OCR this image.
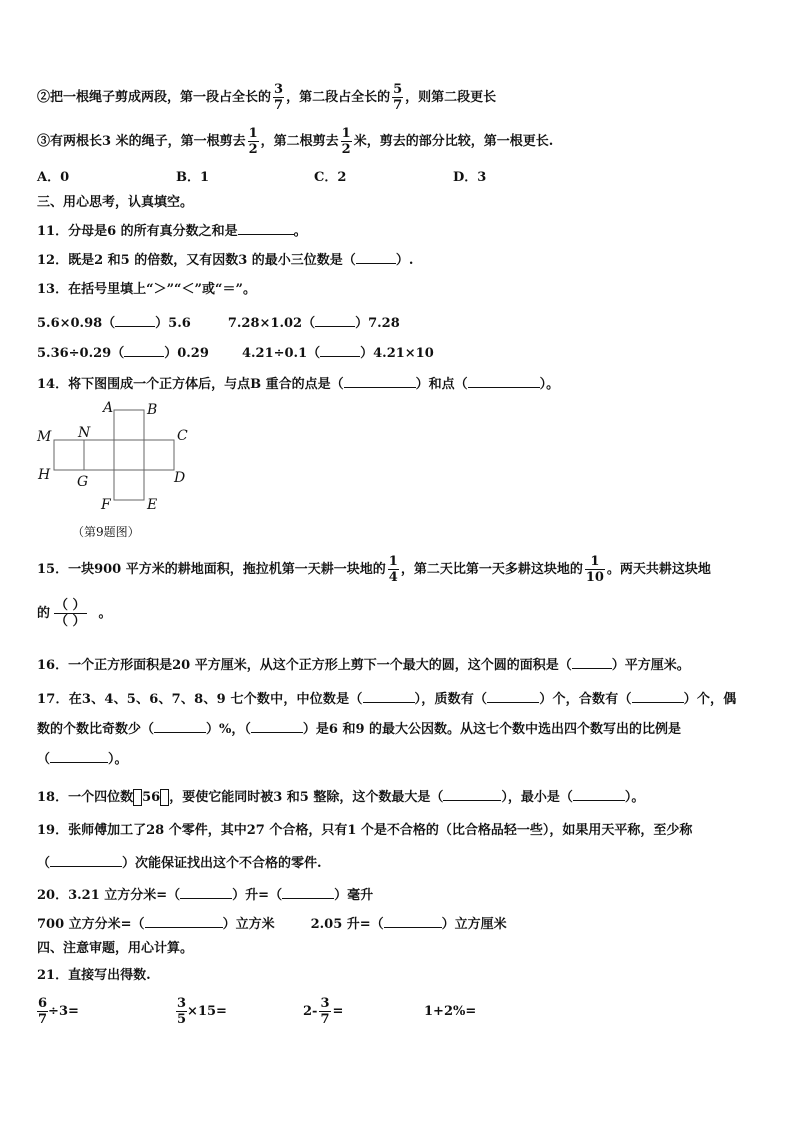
②把一根绳子剪成两段，第一段占全长的 $\frac{3}{7}$ ，第二段占全长的 $\frac{5}{7}$ ，则第二段更长
③有两根长3 米的绳子，第一根剪去 $\frac{1}{2}$ ，第二根剪去 $\frac{1}{2}$ 米，剪去的部分比较，第一根更长.
A．0	B．1	C．2	D．3
三、用心思考，认真填空。
11．分母是6 的所有真分数之和是	。
12．既是2 和5 的倍数，又有因数3 的最小三位数是（	）.
13．在括号里填上“＞”“＜”或“＝”。
5.6×0.98（	）5.6	7.28×1.02（	）7.28
5.36÷0.29（	）0.29	4.21÷0.1（	）4.21×10
14．将下图围成一个正方体后，与点B 重合的点是（	）和点（	）。
A B
C
D
E
F
G
H
M N
（第9题图）
15．一块900 平方米的耕地面积，拖拉机第一天耕一块地的 $\frac{1}{4}$ ，第二天比第一天多耕这块地的 $\frac{1}{10}$ 。两天共耕这块地
的 $\frac{( )}{( )}$ 。
16．一个正方形面积是20 平方厘米，从这个正方形上剪下一个最大的圆，这个圆的面积是（	）平方厘米。
17．在3、4、5、6、7、8、9 七个数中，中位数是（	），质数有（	）个，合数有（	）个，偶
数的个数比奇数少（	）%，（	）是6 和9 的最大公因数。从这七个数中选出四个数写出的比例是
（	）。
18．一个四位数 56 ，要使它能同时被3 和5 整除，这个数最大是（	），最小是（	）。
19．张师傅加工了28 个零件，其中27 个合格，只有1 个是不合格的（比合格品轻一些），如果用天平称，至少称
（	）次能保证找出这个不合格的零件.
20．3.21 立方分米=（	）升=（	）毫升
700 立方分米=（	）立方米	2.05 升=（	）立方厘米
四、注意审题，用心计算。
21．直接写出得数.
$\frac{6}{7} \div 3=$	$\frac{3}{5} \times 15=$	$2- \frac{3}{7}$ =	1+2%=
